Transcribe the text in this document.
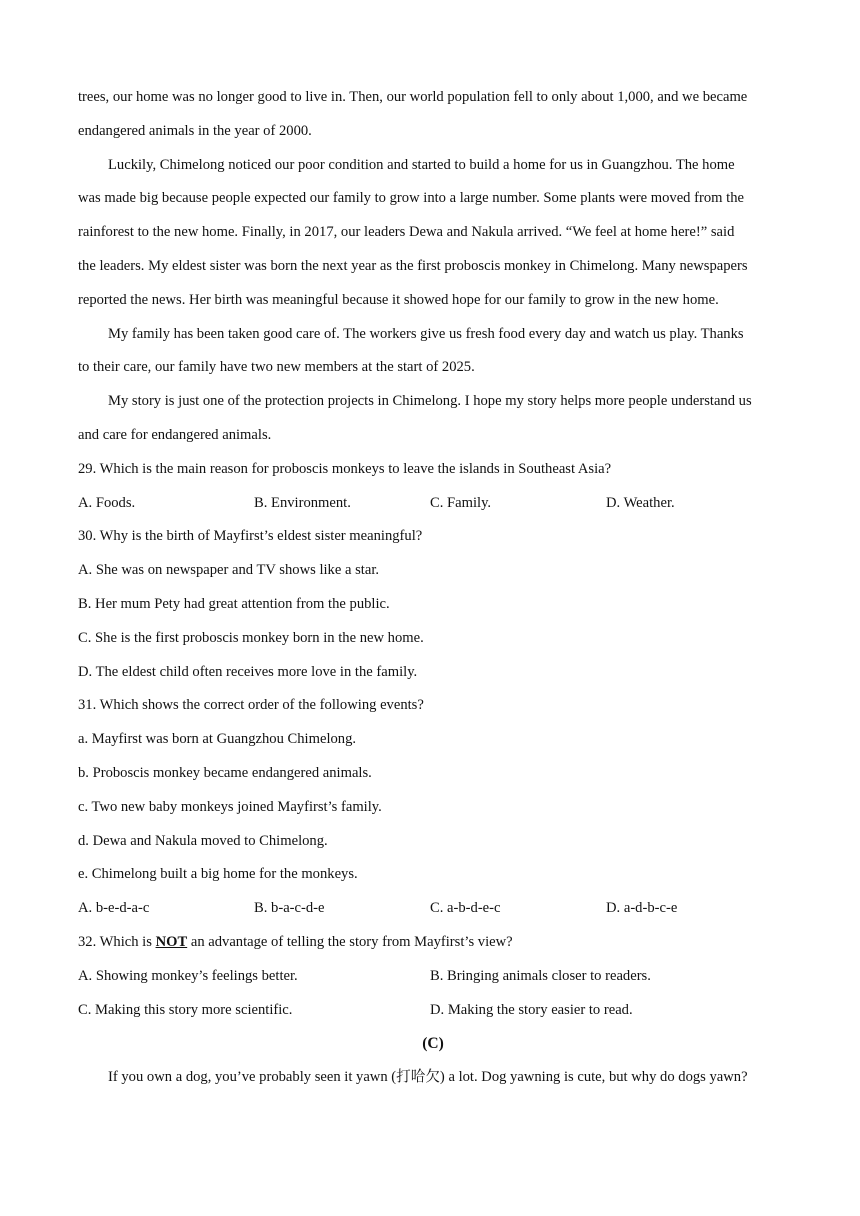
trees, our home was no longer good to live in. Then, our world population fell to only about 1,000, and we became
endangered animals in the year of 2000.
Luckily, Chimelong noticed our poor condition and started to build a home for us in Guangzhou. The home
was made big because people expected our family to grow into a large number. Some plants were moved from the
rainforest to the new home. Finally, in 2017, our leaders Dewa and Nakula arrived. “We feel at home here!” said
the leaders. My eldest sister was born the next year as the first proboscis monkey in Chimelong. Many newspapers
reported the news. Her birth was meaningful because it showed hope for our family to grow in the new home.
My family has been taken good care of. The workers give us fresh food every day and watch us play. Thanks
to their care, our family have two new members at the start of 2025.
My story is just one of the protection projects in Chimelong. I hope my story helps more people understand us
and care for endangered animals.
29. Which is the main reason for proboscis monkeys to leave the islands in Southeast Asia?
A. Foods.	B. Environment.	C. Family.	D. Weather.
30. Why is the birth of Mayfirst’s eldest sister meaningful?
A. She was on newspaper and TV shows like a star.
B. Her mum Pety had great attention from the public.
C. She is the first proboscis monkey born in the new home.
D. The eldest child often receives more love in the family.
31. Which shows the correct order of the following events?
a. Mayfirst was born at Guangzhou Chimelong.
b. Proboscis monkey became endangered animals.
c. Two new baby monkeys joined Mayfirst’s family.
d. Dewa and Nakula moved to Chimelong.
e. Chimelong built a big home for the monkeys.
A. b-e-d-a-c	B. b-a-c-d-e	C. a-b-d-e-c	D. a-d-b-c-e
32. Which is NOT an advantage of telling the story from Mayfirst’s view?
A. Showing monkey’s feelings better.	B. Bringing animals closer to readers.
C. Making this story more scientific.	D. Making the story easier to read.
(C)
If you own a dog, you’ve probably seen it yawn (打哈欠) a lot. Dog yawning is cute, but why do dogs yawn?
